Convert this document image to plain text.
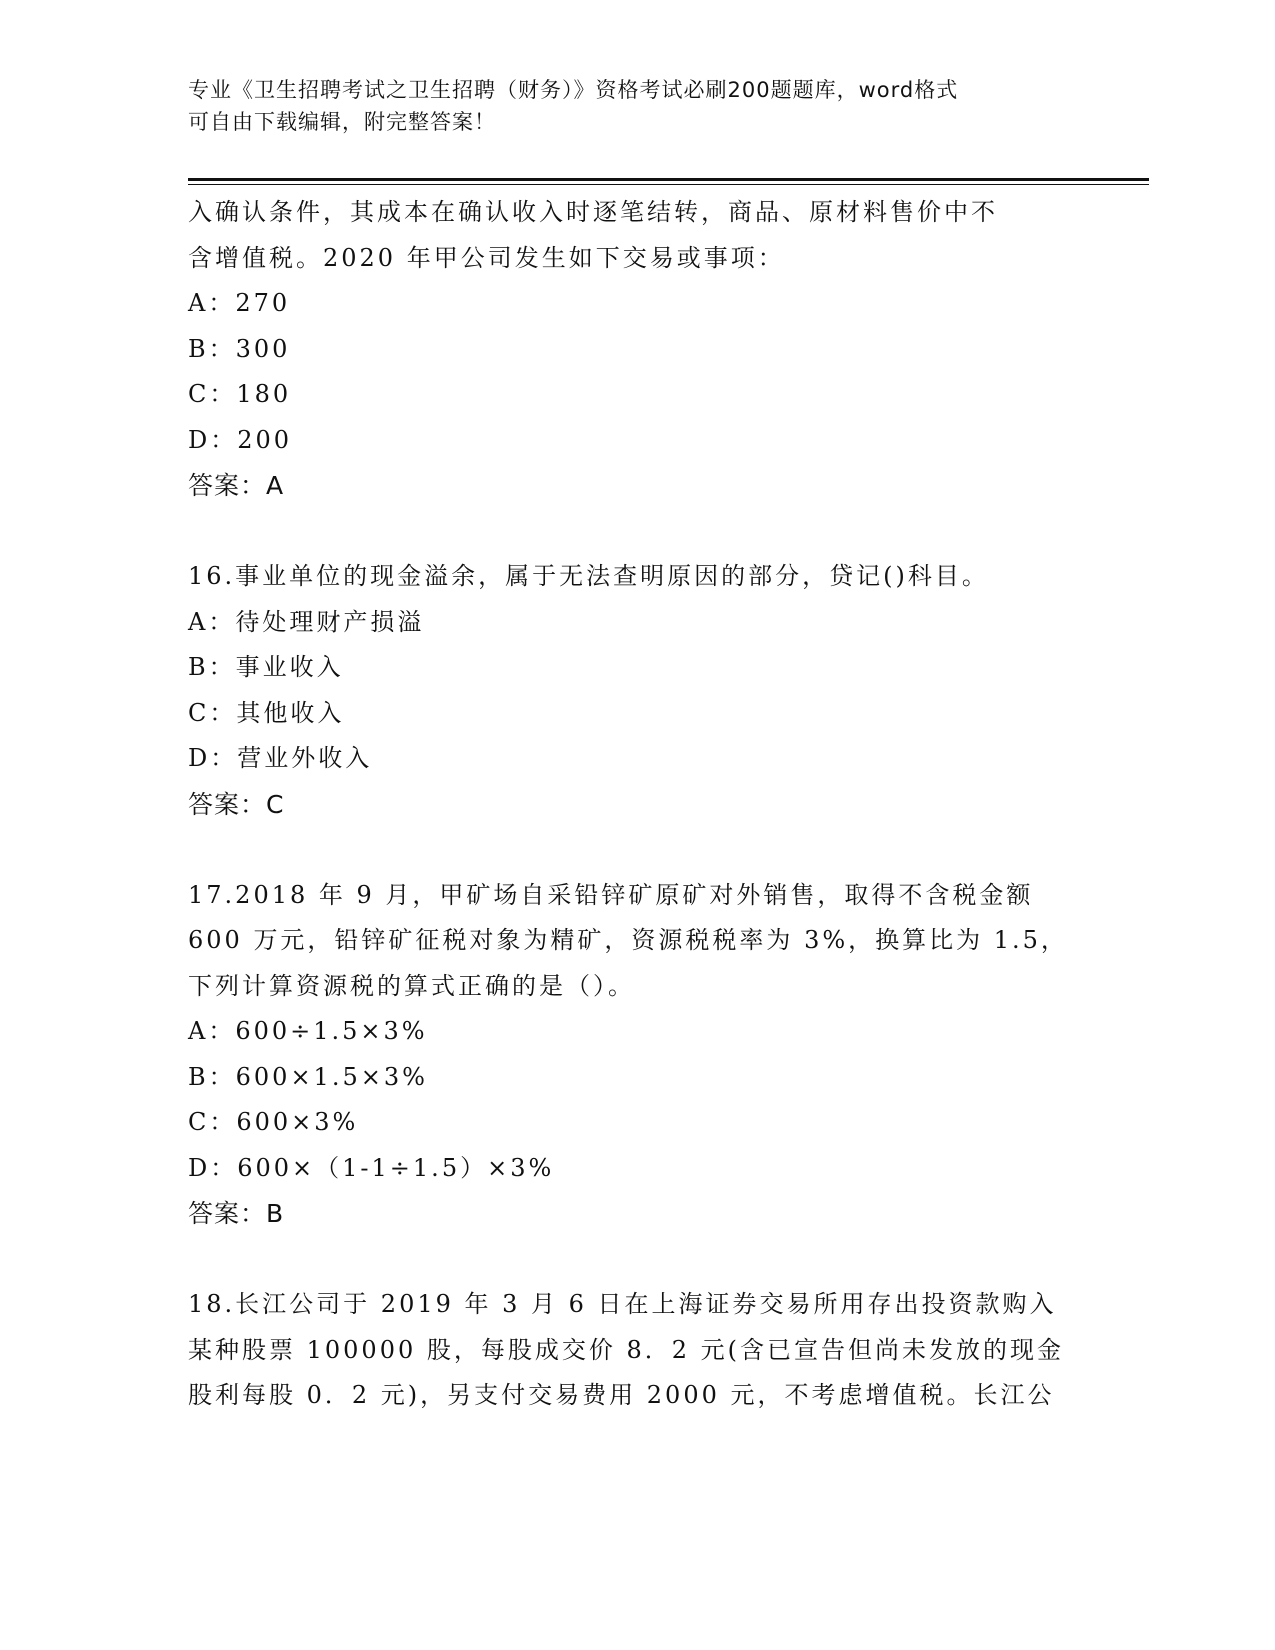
专业《卫生招聘考试之卫生招聘（财务）》资格考试必刷200题题库，word格式
可自由下载编辑，附完整答案！
入确认条件，其成本在确认收入时逐笔结转，商品、原材料售价中不
含增值税。2020 年甲公司发生如下交易或事项：
A：270
B：300
C：180
D：200
答案：A
16.事业单位的现金溢余，属于无法查明原因的部分，贷记()科目。
A：待处理财产损溢
B：事业收入
C：其他收入
D：营业外收入
答案：C
17.2018 年 9 月，甲矿场自采铅锌矿原矿对外销售，取得不含税金额
600 万元，铅锌矿征税对象为精矿，资源税税率为 3%，换算比为 1.5，
下列计算资源税的算式正确的是（）。
A：600÷1.5×3%
B：600×1.5×3%
C：600×3%
D：600×（1-1÷1.5）×3%
答案：B
18.长江公司于 2019 年 3 月 6 日在上海证券交易所用存出投资款购入
某种股票 100000 股，每股成交价 8．2 元(含已宣告但尚未发放的现金
股利每股 0．2 元)，另支付交易费用 2000 元，不考虑增值税。长江公
